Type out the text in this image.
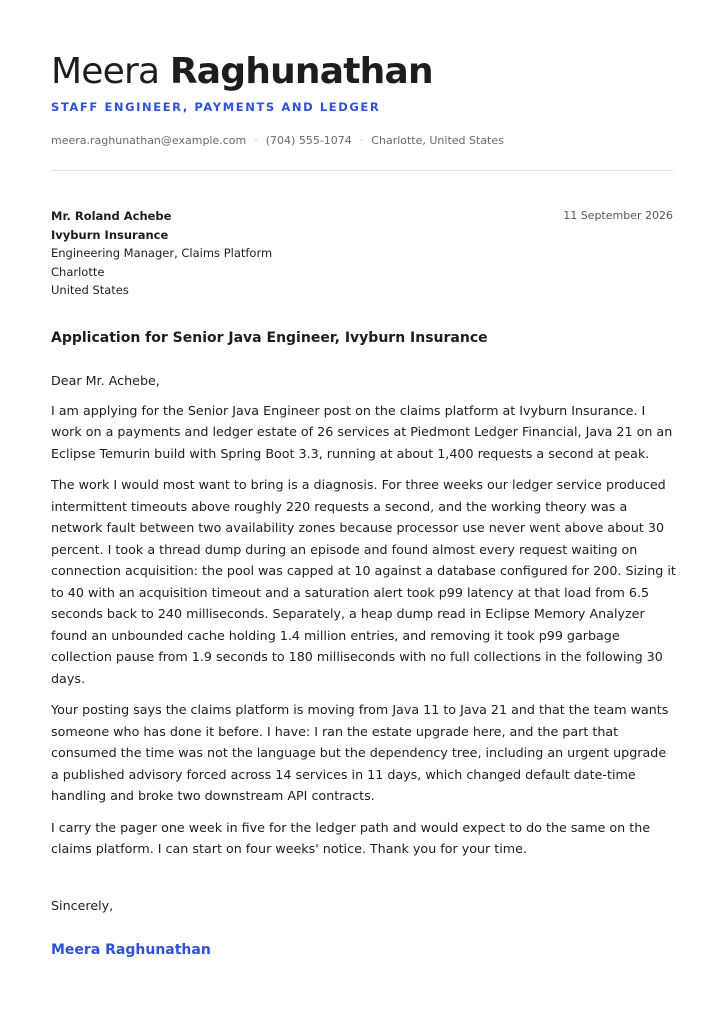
Meera Raghunathan
STAFF ENGINEER, PAYMENTS AND LEDGER
meera.raghunathan@example.com · (704) 555-1074 · Charlotte, United States
Mr. Roland Achebe
Ivyburn Insurance
Engineering Manager, Claims Platform
Charlotte
United States
11 September 2026
Application for Senior Java Engineer, Ivyburn Insurance

Dear Mr. Achebe,

I am applying for the Senior Java Engineer post on the claims platform at Ivyburn Insurance. I work on a payments and ledger estate of 26 services at Piedmont Ledger Financial, Java 21 on an Eclipse Temurin build with Spring Boot 3.3, running at about 1,400 requests a second at peak.

The work I would most want to bring is a diagnosis. For three weeks our ledger service produced intermittent timeouts above roughly 220 requests a second, and the working theory was a network fault between two availability zones because processor use never went above about 30 percent. I took a thread dump during an episode and found almost every request waiting on connection acquisition: the pool was capped at 10 against a database configured for 200. Sizing it to 40 with an acquisition timeout and a saturation alert took p99 latency at that load from 6.5 seconds back to 240 milliseconds. Separately, a heap dump read in Eclipse Memory Analyzer found an unbounded cache holding 1.4 million entries, and removing it took p99 garbage collection pause from 1.9 seconds to 180 milliseconds with no full collections in the following 30 days.

Your posting says the claims platform is moving from Java 11 to Java 21 and that the team wants someone who has done it before. I have: I ran the estate upgrade here, and the part that consumed the time was not the language but the dependency tree, including an urgent upgrade a published advisory forced across 14 services in 11 days, which changed default date-time handling and broke two downstream API contracts.

I carry the pager one week in five for the ledger path and would expect to do the same on the claims platform. I can start on four weeks' notice. Thank you for your time.

Sincerely,
Meera Raghunathan
